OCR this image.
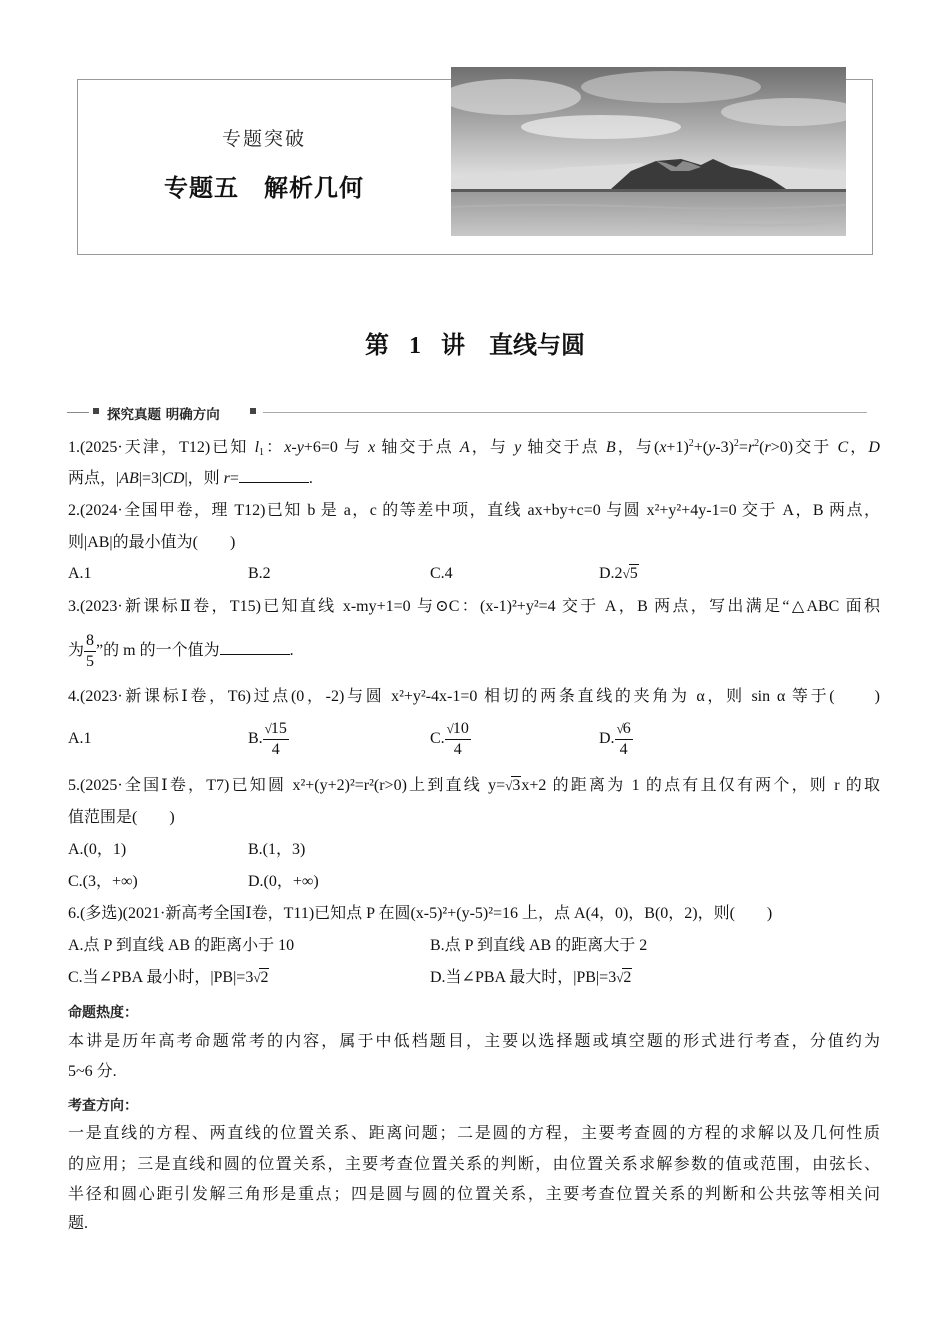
专题突破
专题五　解析几何
第 1 讲　直线与圆
探究真题 明确方向
1.(2025·天津，T12)已知 $l_1$：x-y+6=0 与 x 轴交于点 A，与 y 轴交于点 B，与$(x+1)^2+(y-3)^2=r^2(r>0)$交于 C，D
两点，|AB|=3|CD|，则 r=	.
2.(2024·全国甲卷，理 T12)已知 b 是 a，c 的等差中项，直线 ax+by+c=0 与圆 x²+y²+4y-1=0 交于 A，B 两点，
则|AB|的最小值为(　　)
A.1	B.2	C.4	D.2√5
3.(2023·新课标Ⅱ卷，T15)已知直线 x-my+1=0 与⊙C：(x-1)²+y²=4 交于 A，B 两点，写出满足“△ABC 面积
为 $\frac{8}{5}$ ”的 m 的一个值为	.
4.(2023·新课标Ⅰ卷，T6)过点(0，-2)与圆 x²+y²-4x-1=0 相切的两条直线的夹角为 α，则 sin α 等于(　　)
A.1	B. $\frac{√15}{4}$	C. $\frac{√10}{4}$	D. $\frac{√6}{4}$
5.(2025·全国Ⅰ卷，T7)已知圆 x²+(y+2)²=r²(r>0)上到直线 y=√3x+2 的距离为 1 的点有且仅有两个，则 r 的取
值范围是(　　)
A.(0，1)	B.(1，3)
C.(3，+∞)	D.(0，+∞)
6.(多选)(2021·新高考全国Ⅰ卷，T11)已知点 P 在圆(x-5)²+(y-5)²=16 上，点 A(4，0)，B(0，2)，则(　　)
A.点 P 到直线 AB 的距离小于 10	B.点 P 到直线 AB 的距离大于 2
C.当∠PBA 最小时，|PB|=3√2	D.当∠PBA 最大时，|PB|=3√2
命题热度：
本讲是历年高考命题常考的内容，属于中低档题目，主要以选择题或填空题的形式进行考查，分值约为
5~6 分.
考查方向：
一是直线的方程、两直线的位置关系、距离问题；二是圆的方程，主要考查圆的方程的求解以及几何性质
的应用；三是直线和圆的位置关系，主要考查位置关系的判断，由位置关系求解参数的值或范围，由弦长、
半径和圆心距引发解三角形是重点；四是圆与圆的位置关系，主要考查位置关系的判断和公共弦等相关问
题.
